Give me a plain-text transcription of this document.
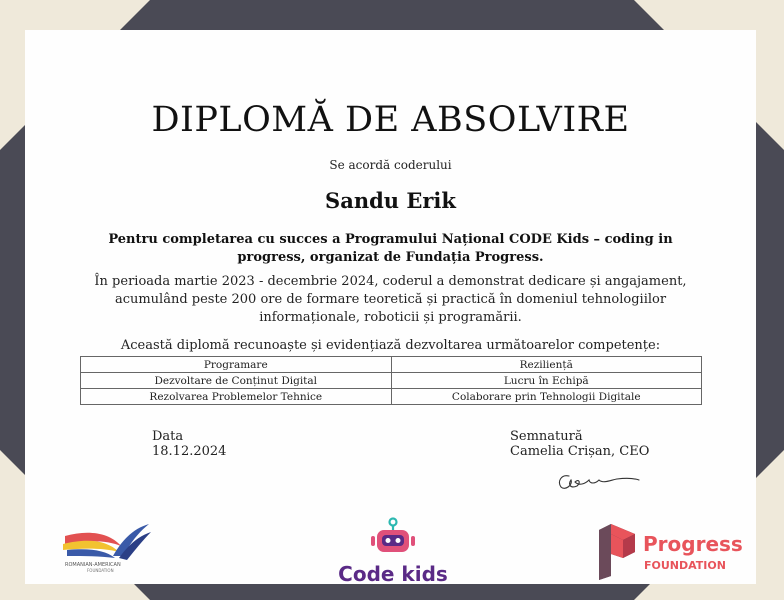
DIPLOMĂ DE ABSOLVIRE
Se acordă coderului
Sandu Erik
Pentru completarea cu succes a Programului Național CODE Kids – coding in progress, organizat de Fundația Progress.
În perioada martie 2023 - decembrie 2024, coderul a demonstrat dedicare și angajament, acumulând peste 200 ore de formare teoretică și practică în domeniul tehnologiilor informaționale, roboticii și programării.
Această diplomă recunoaște și evidențiază dezvoltarea următoarelor competențe:
Programare	Reziliență
Dezvoltare de Conținut Digital	Lucru în Echipă
Rezolvarea Problemelor Tehnice	Colaborare prin Tehnologii Digitale
Data
18.12.2024
Semnatură
Camelia Crișan, CEO
ROMANIAN-AMERICAN
FOUNDATION	Code kids
Progress
FOUNDATION
